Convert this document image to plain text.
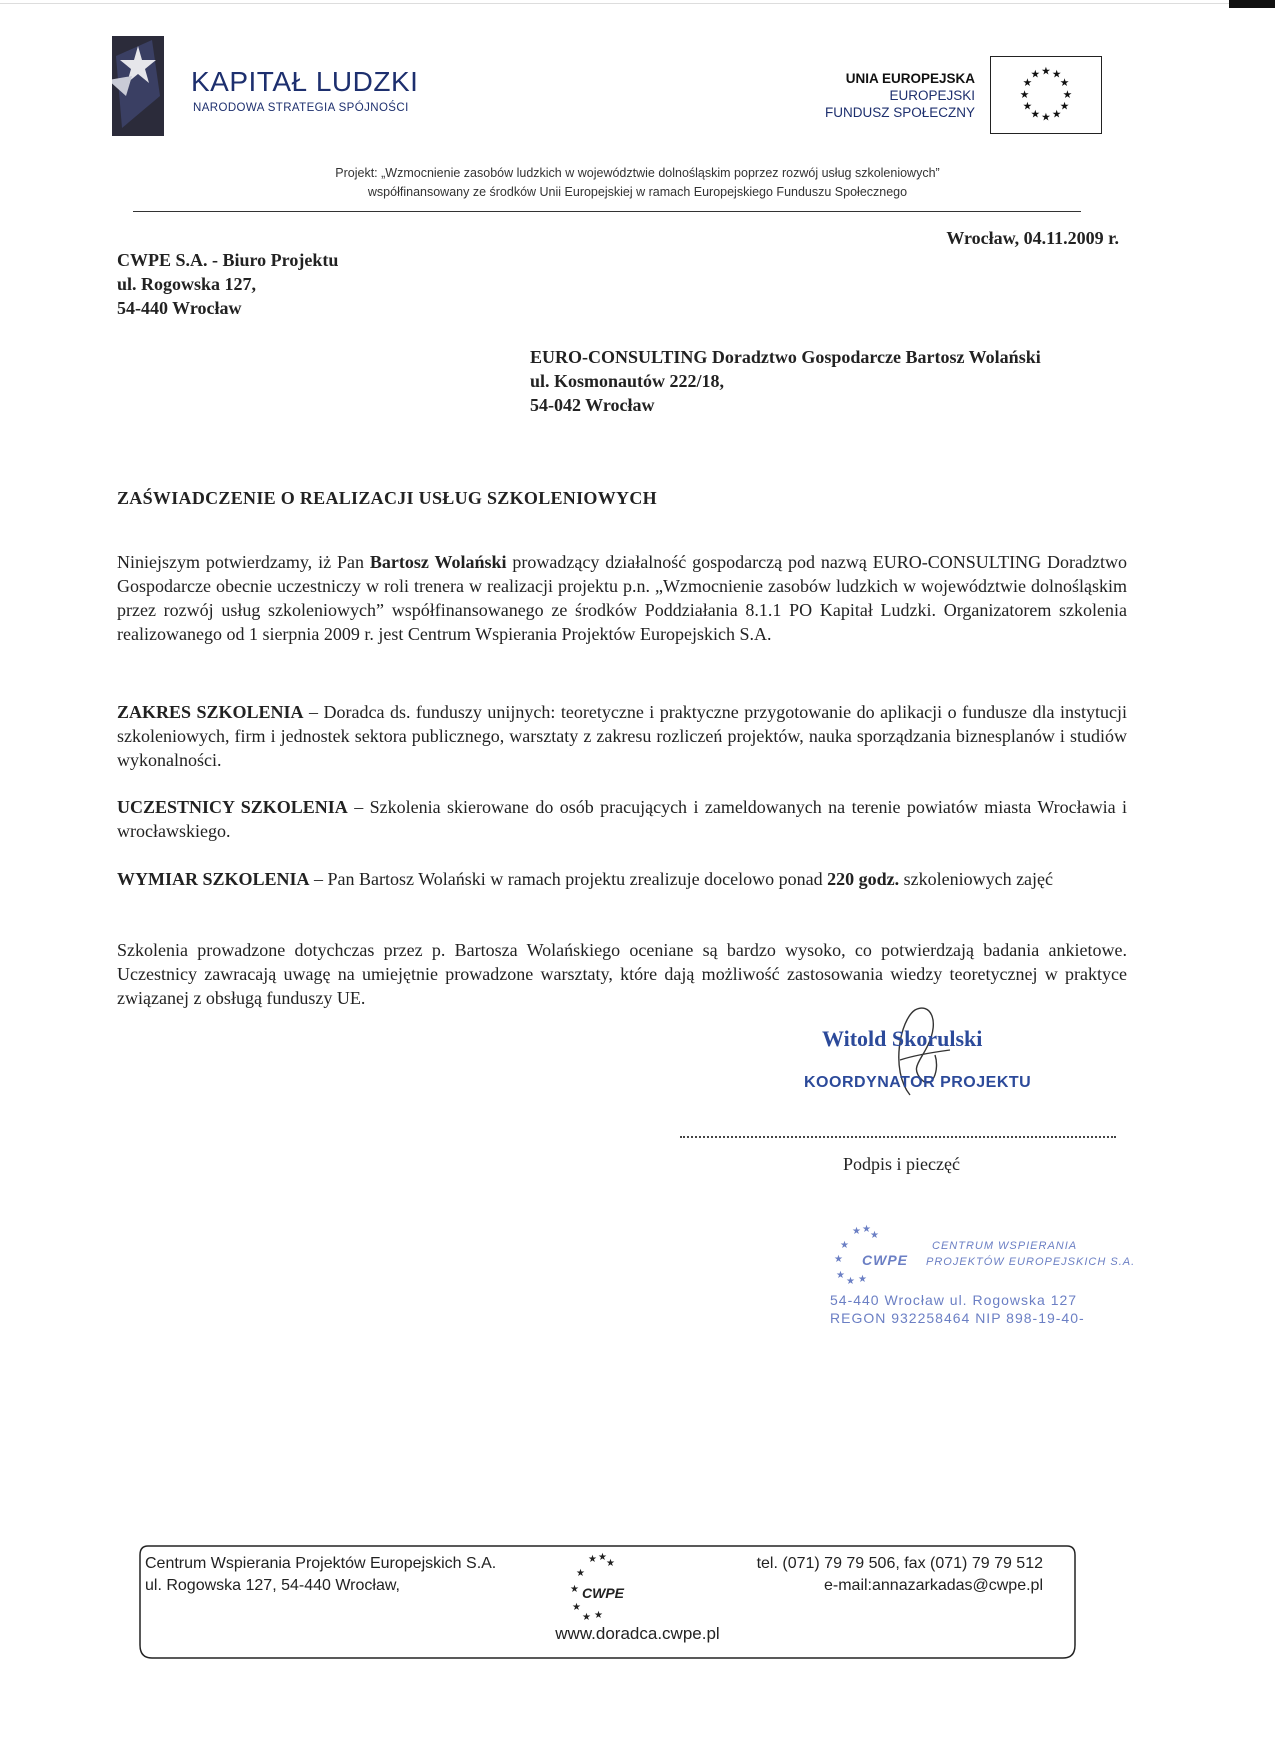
KAPITAŁ LUDZKI
NARODOWA STRATEGIA SPÓJNOŚCI
UNIA EUROPEJSKA
EUROPEJSKI
FUNDUSZ SPOŁECZNY
★ ★
★
★
★
★
★
★
★
★
★ ★
Projekt: „Wzmocnienie zasobów ludzkich w województwie dolnośląskim poprzez rozwój usług szkoleniowych”
współfinansowany ze środków Unii Europejskiej w ramach Europejskiego Funduszu Społecznego
CWPE S.A. - Biuro Projektu
ul. Rogowska 127,
54-440 Wrocław
Wrocław, 04.11.2009 r.
EURO-CONSULTING Doradztwo Gospodarcze Bartosz Wolański
ul. Kosmonautów 222/18,
54-042 Wrocław
ZAŚWIADCZENIE O REALIZACJI USŁUG SZKOLENIOWYCH
Niniejszym potwierdzamy, iż Pan Bartosz Wolański prowadzący działalność gospodarczą pod nazwą EURO-CONSULTING Doradztwo Gospodarcze obecnie uczestniczy w roli trenera w realizacji projektu p.n. „Wzmocnienie zasobów ludzkich w województwie dolnośląskim przez rozwój usług szkoleniowych” współfinansowanego ze środków Poddziałania 8.1.1 PO Kapitał Ludzki. Organizatorem szkolenia realizowanego od 1 sierpnia 2009 r. jest Centrum Wspierania Projektów Europejskich S.A.
ZAKRES SZKOLENIA – Doradca ds. funduszy unijnych: teoretyczne i praktyczne przygotowanie do aplikacji o fundusze dla instytucji szkoleniowych, firm i jednostek sektora publicznego, warsztaty z zakresu rozliczeń projektów, nauka sporządzania biznesplanów i studiów wykonalności.
UCZESTNICY SZKOLENIA – Szkolenia skierowane do osób pracujących i zameldowanych na terenie powiatów miasta Wrocławia i wrocławskiego.
WYMIAR SZKOLENIA – Pan Bartosz Wolański w ramach projektu zrealizuje docelowo ponad 220 godz. szkoleniowych zajęć
Szkolenia prowadzone dotychczas przez p. Bartosza Wolańskiego oceniane są bardzo wysoko, co potwierdzają badania ankietowe. Uczestnicy zawracają uwagę na umiejętnie prowadzone warsztaty, które dają możliwość zastosowania wiedzy teoretycznej w praktyce związanej z obsługą funduszy UE.
Witold Skorulski
KOORDYNATOR PROJEKTU
Podpis i pieczęć
★ ★
★
★
★
★
★ ★
CWPE
CENTRUM WSPIERANIA
PROJEKTÓW EUROPEJSKICH S.A.
54-440 Wrocław ul. Rogowska 127
REGON 932258464 NIP 898-19-40-
Centrum Wspierania Projektów Europejskich S.A.
ul. Rogowska 127, 54-440 Wrocław,
★ ★
★
★
★
★
★ ★
CWPE
tel. (071) 79 79 506, fax (071) 79 79 512
e-mail:annazarkadas@cwpe.pl
www.doradca.cwpe.pl
